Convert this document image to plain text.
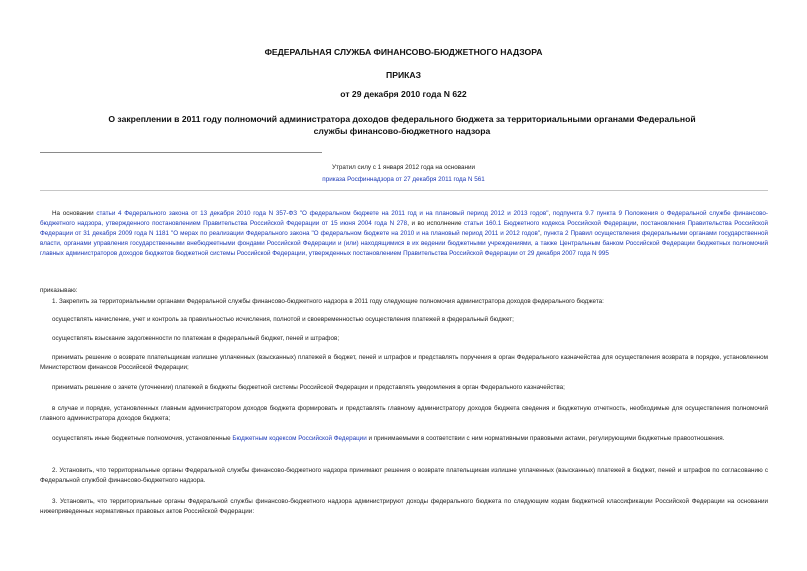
ФЕДЕРАЛЬНАЯ СЛУЖБА ФИНАНСОВО-БЮДЖЕТНОГО НАДЗОРА
ПРИКАЗ
от 29 декабря 2010 года N 622
О закреплении в 2011 году полномочий администратора доходов федерального бюджета за территориальными органами Федеральной службы финансово-бюджетного надзора
Утратил силу с 1 января 2012 года на основании
приказа Росфиннадзора от 27 декабря 2011 года N 561
На основании статьи 4 Федерального закона от 13 декабря 2010 года N 357-ФЗ "О федеральном бюджете на 2011 год и на плановый период 2012 и 2013 годов", подпункта 9.7 пункта 9 Положения о Федеральной службе финансово-бюджетного надзора, утвержденного постановлением Правительства Российской Федерации от 15 июня 2004 года N 278, и во исполнение статьи 160.1 Бюджетного кодекса Российской Федерации, постановления Правительства Российской Федерации от 31 декабря 2009 года N 1181 "О мерах по реализации Федерального закона "О федеральном бюджете на 2010 и на плановый период 2011 и 2012 годов", пункта 2 Правил осуществления федеральными органами государственной власти, органами управления государственными внебюджетными фондами Российской Федерации и (или) находящимися в их ведении бюджетными учреждениями, а также Центральным банком Российской Федерации бюджетных полномочий главных администраторов доходов бюджетов бюджетной системы Российской Федерации, утвержденных постановлением Правительства Российской Федерации от 29 декабря 2007 года N 995
приказываю:
1. Закрепить за территориальными органами Федеральной службы финансово-бюджетного надзора в 2011 году следующие полномочия администратора доходов федерального бюджета:
осуществлять начисление, учет и контроль за правильностью исчисления, полнотой и своевременностью осуществления платежей в федеральный бюджет;
осуществлять взыскание задолженности по платежам в федеральный бюджет, пеней и штрафов;
принимать решение о возврате плательщикам излишне уплаченных (взысканных) платежей в бюджет, пеней и штрафов и представлять поручения в орган Федерального казначейства для осуществления возврата в порядке, установленном Министерством финансов Российской Федерации;
принимать решение о зачете (уточнении) платежей в бюджеты бюджетной системы Российской Федерации и представлять уведомления в орган Федерального казначейства;
в случае и порядке, установленных главным администратором доходов бюджета формировать и представлять главному администратору доходов бюджета сведения и бюджетную отчетность, необходимые для осуществления полномочий главного администратора доходов бюджета;
осуществлять иные бюджетные полномочия, установленные Бюджетным кодексом Российской Федерации и принимаемыми в соответствии с ним нормативными правовыми актами, регулирующими бюджетные правоотношения.
2. Установить, что территориальные органы Федеральной службы финансово-бюджетного надзора принимают решения о возврате плательщикам излишне уплаченных (взысканных) платежей в бюджет, пеней и штрафов по согласованию с Федеральной службой финансово-бюджетного надзора.
3. Установить, что территориальные органы Федеральной службы финансово-бюджетного надзора администрируют доходы федерального бюджета по следующим кодам бюджетной классификации Российской Федерации на основании нижеприведенных нормативных правовых актов Российской Федерации:
